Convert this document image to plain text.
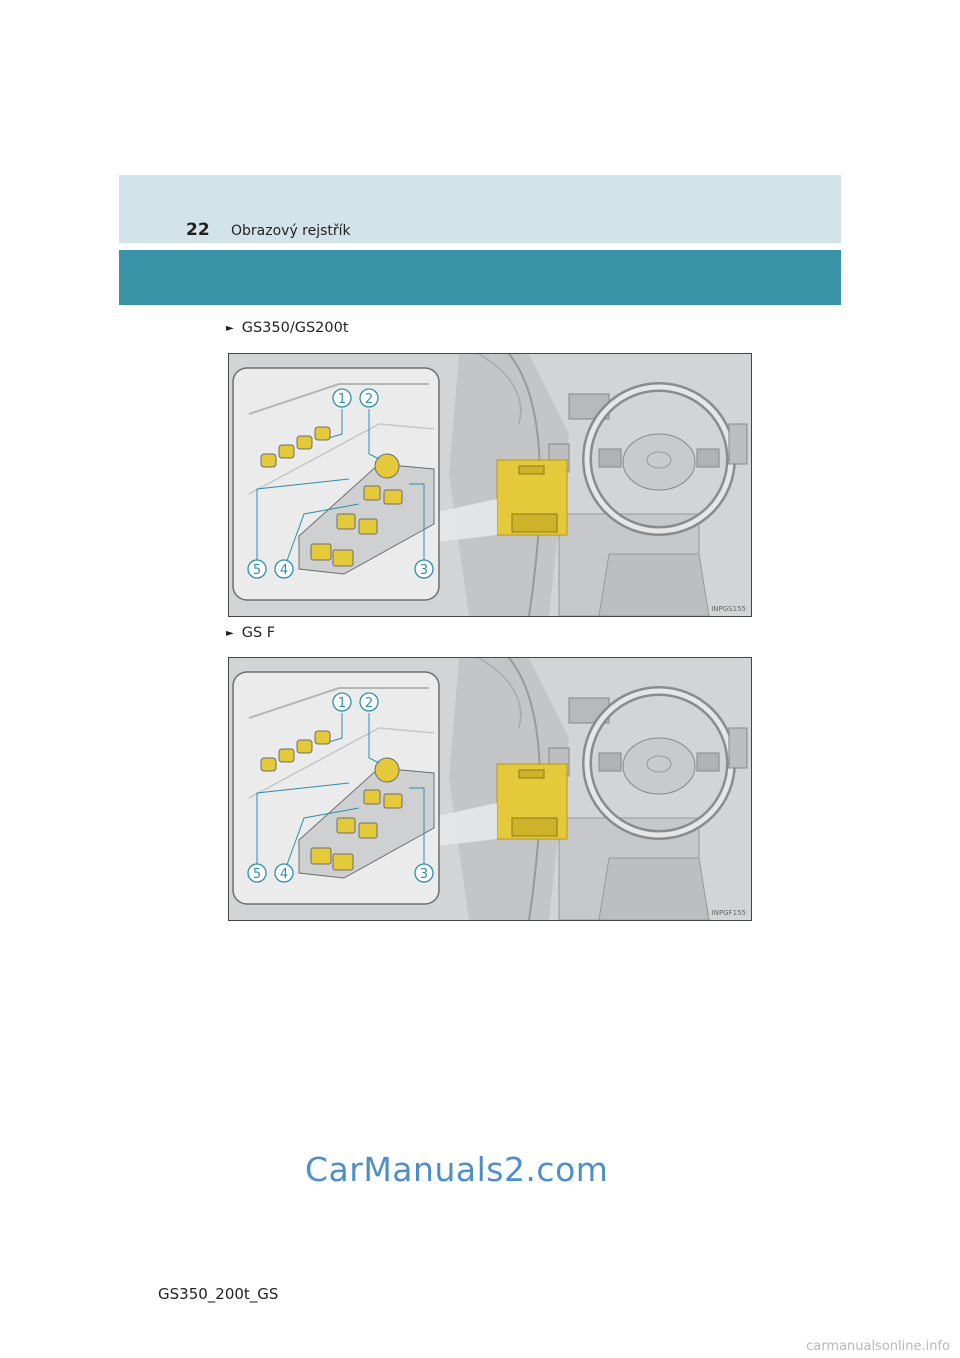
22 Obrazový rejstřík
► GS350/GS200t
1 2
3
4
5
INPGS155
► GS F
1 2
3
4
5
INPGF155
CarManuals2.com
GS350_200t_GS
carmanualsonline.info
